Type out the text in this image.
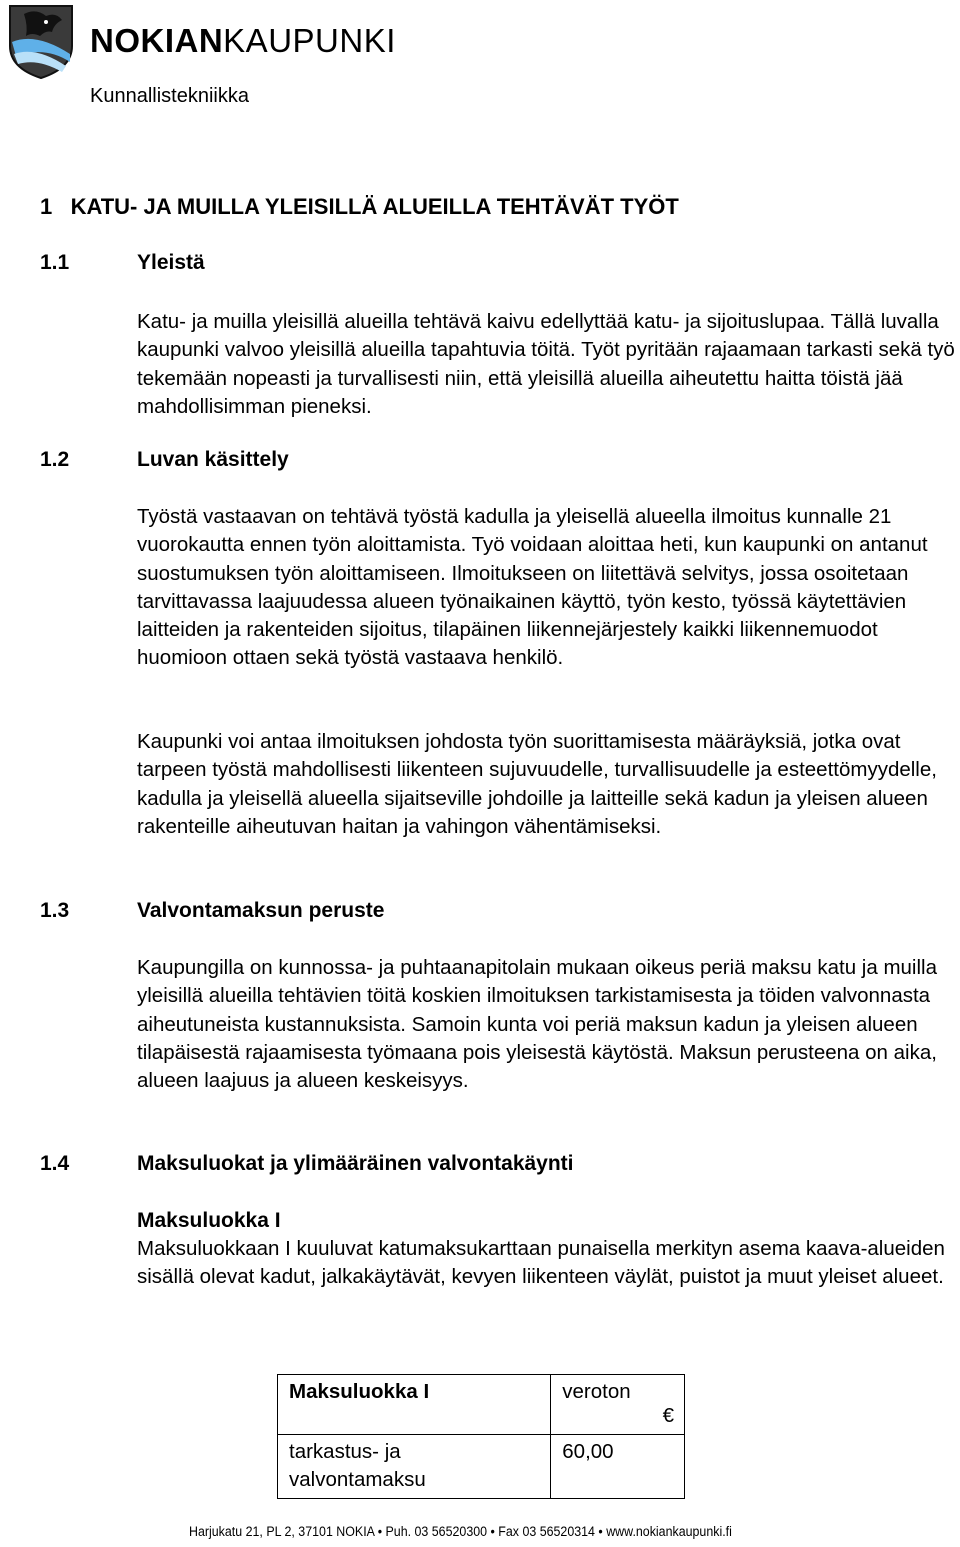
NOKIANKAUPUNKI
Kunnallistekniikka
1   KATU- JA MUILLA YLEISILLÄ ALUEILLA TEHTÄVÄT TYÖT
1.1	Yleistä

Katu- ja muilla yleisillä alueilla tehtävä kaivu edellyttää katu- ja sijoituslupaa. Tällä luvalla kaupunki valvoo yleisillä alueilla tapahtuvia töitä. Työt pyritään rajaamaan tarkasti sekä työ tekemään nopeasti ja turvallisesti niin, että yleisillä alueilla aiheutettu haitta töistä jää mahdollisimman pieneksi.

1.2	Luvan käsittely

Työstä vastaavan on tehtävä työstä kadulla ja yleisellä alueella ilmoitus kunnalle 21 vuorokautta ennen työn aloittamista. Työ voidaan aloittaa heti, kun kaupunki on antanut suostumuksen työn aloittamiseen. Ilmoitukseen on liitettävä selvitys, jossa osoitetaan tarvittavassa laajuudessa alueen työnaikainen käyttö, työn kesto, työssä käytettävien laitteiden ja rakenteiden sijoitus, tilapäinen liikennejärjestely kaikki liikennemuodot huomioon ottaen sekä työstä vastaava henkilö.

Kaupunki voi antaa ilmoituksen johdosta työn suorittamisesta määräyksiä, jotka ovat tarpeen työstä mahdollisesti liikenteen sujuvuudelle, turvallisuudelle ja esteettömyydelle, kadulla ja yleisellä alueella sijaitseville johdoille ja laitteille sekä kadun ja yleisen alueen rakenteille aiheutuvan haitan ja vahingon vähentämiseksi.

1.3	Valvontamaksun peruste

Kaupungilla on kunnossa- ja puhtaanapitolain mukaan oikeus periä maksu katu ja muilla yleisillä alueilla tehtävien töitä koskien ilmoituksen tarkistamisesta ja töiden valvonnasta aiheutuneista kustannuksista. Samoin kunta voi periä maksun kadun ja yleisen alueen tilapäisestä rajaamisesta työmaana pois yleisestä käytöstä. Maksun perusteena on aika, alueen laajuus ja alueen keskeisyys.

1.4	Maksuluokat ja ylimääräinen valvontakäynti
Maksuluokka I

Maksuluokkaan I kuuluvat katumaksukarttaan punaisella merkityn asema kaava-alueiden sisällä olevat kadut, jalkakäytävät, kevyen liikenteen väylät, puistot ja muut yleiset alueet.

Maksuluokka I	veroton
€

tarkastus- ja valvontamaksu	60,00
Harjukatu 21, PL 2, 37101 NOKIA • Puh. 03 56520300 • Fax 03 56520314 • www.nokiankaupunki.fi
